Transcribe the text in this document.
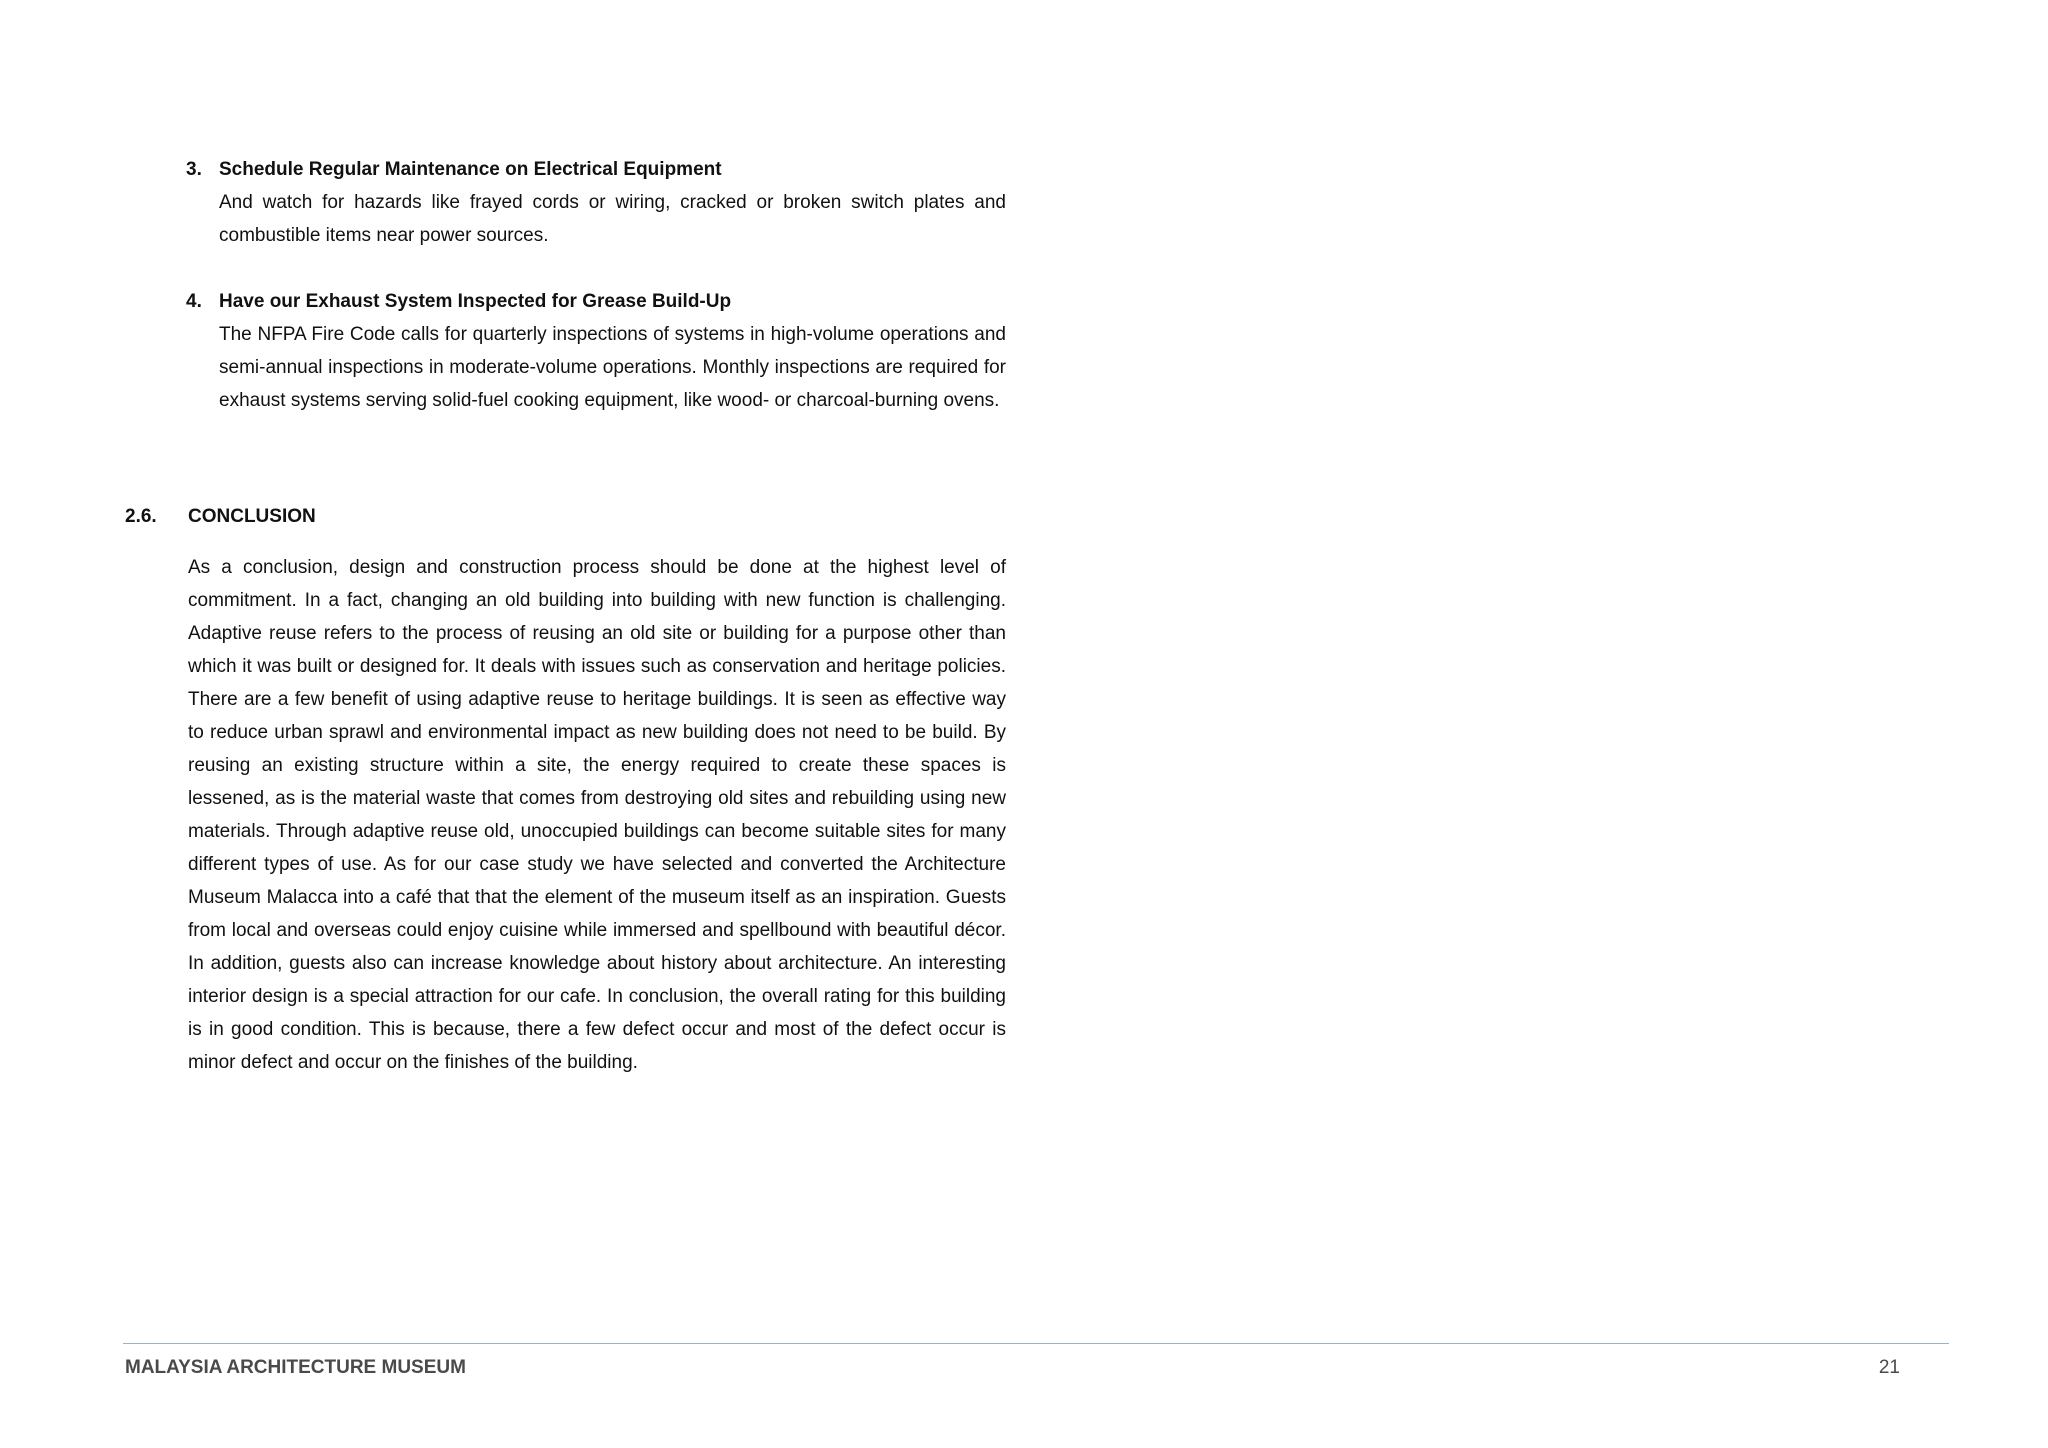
3. Schedule Regular Maintenance on Electrical Equipment
And watch for hazards like frayed cords or wiring, cracked or broken switch plates and combustible items near power sources.
4. Have our Exhaust System Inspected for Grease Build-Up
The NFPA Fire Code calls for quarterly inspections of systems in high-volume operations and semi-annual inspections in moderate-volume operations. Monthly inspections are required for exhaust systems serving solid-fuel cooking equipment, like wood- or charcoal-burning ovens.
2.6. CONCLUSION
As a conclusion, design and construction process should be done at the highest level of commitment. In a fact, changing an old building into building with new function is challenging. Adaptive reuse refers to the process of reusing an old site or building for a purpose other than which it was built or designed for. It deals with issues such as conservation and heritage policies. There are a few benefit of using adaptive reuse to heritage buildings. It is seen as effective way to reduce urban sprawl and environmental impact as new building does not need to be build. By reusing an existing structure within a site, the energy required to create these spaces is lessened, as is the material waste that comes from destroying old sites and rebuilding using new materials. Through adaptive reuse old, unoccupied buildings can become suitable sites for many different types of use. As for our case study we have selected and converted the Architecture Museum Malacca into a café that that the element of the museum itself as an inspiration. Guests from local and overseas could enjoy cuisine while immersed and spellbound with beautiful décor. In addition, guests also can increase knowledge about history about architecture. An interesting interior design is a special attraction for our cafe. In conclusion, the overall rating for this building is in good condition. This is because, there a few defect occur and most of the defect occur is minor defect and occur on the finishes of the building.
MALAYSIA ARCHITECTURE MUSEUM	21
